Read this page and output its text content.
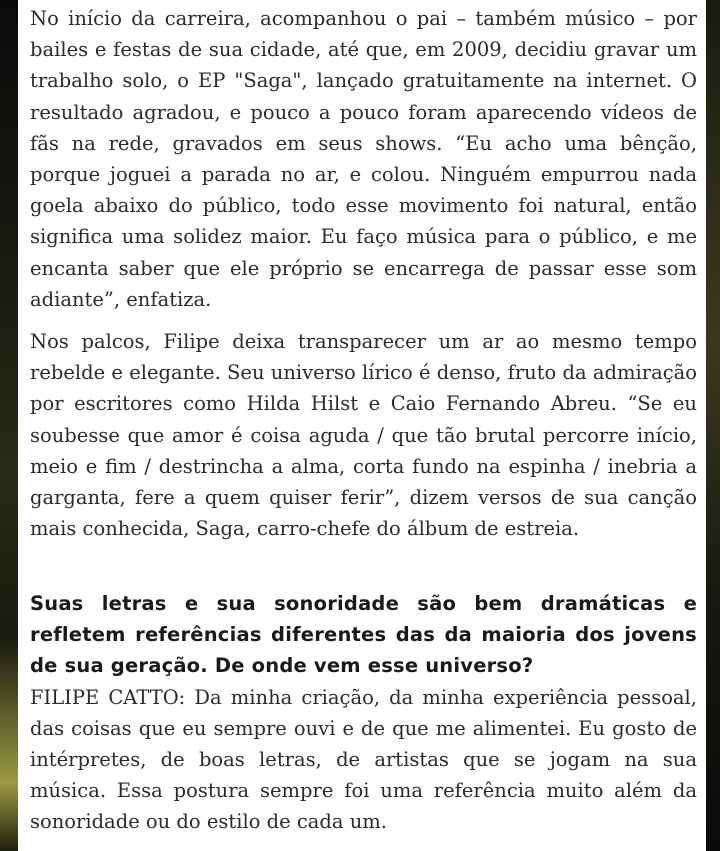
No início da carreira, acompanhou o pai – também músico – por bailes e festas de sua cidade, até que, em 2009, decidiu gravar um trabalho solo, o EP "Saga", lançado gratuitamente na internet. O resultado agradou, e pouco a pouco foram aparecendo vídeos de fãs na rede, gravados em seus shows. “Eu acho uma bênção, porque joguei a parada no ar, e colou. Ninguém empurrou nada goela abaixo do público, todo esse movimento foi natural, então significa uma solidez maior. Eu faço música para o público, e me encanta saber que ele próprio se encarrega de passar esse som adiante”, enfatiza.

Nos palcos, Filipe deixa transparecer um ar ao mesmo tempo rebelde e elegante. Seu universo lírico é denso, fruto da admiração por escritores como Hilda Hilst e Caio Fernando Abreu. “Se eu soubesse que amor é coisa aguda / que tão brutal percorre início, meio e fim / destrincha a alma, corta fundo na espinha / inebria a garganta, fere a quem quiser ferir”, dizem versos de sua canção mais conhecida, Saga, carro-chefe do álbum de estreia.

Suas letras e sua sonoridade são bem dramáticas e refletem referências diferentes das da maioria dos jovens de sua geração. De onde vem esse universo?

FILIPE CATTO: Da minha criação, da minha experiência pessoal, das coisas que eu sempre ouvi e de que me alimentei. Eu gosto de intérpretes, de boas letras, de artistas que se jogam na sua música. Essa postura sempre foi uma referência muito além da sonoridade ou do estilo de cada um.
